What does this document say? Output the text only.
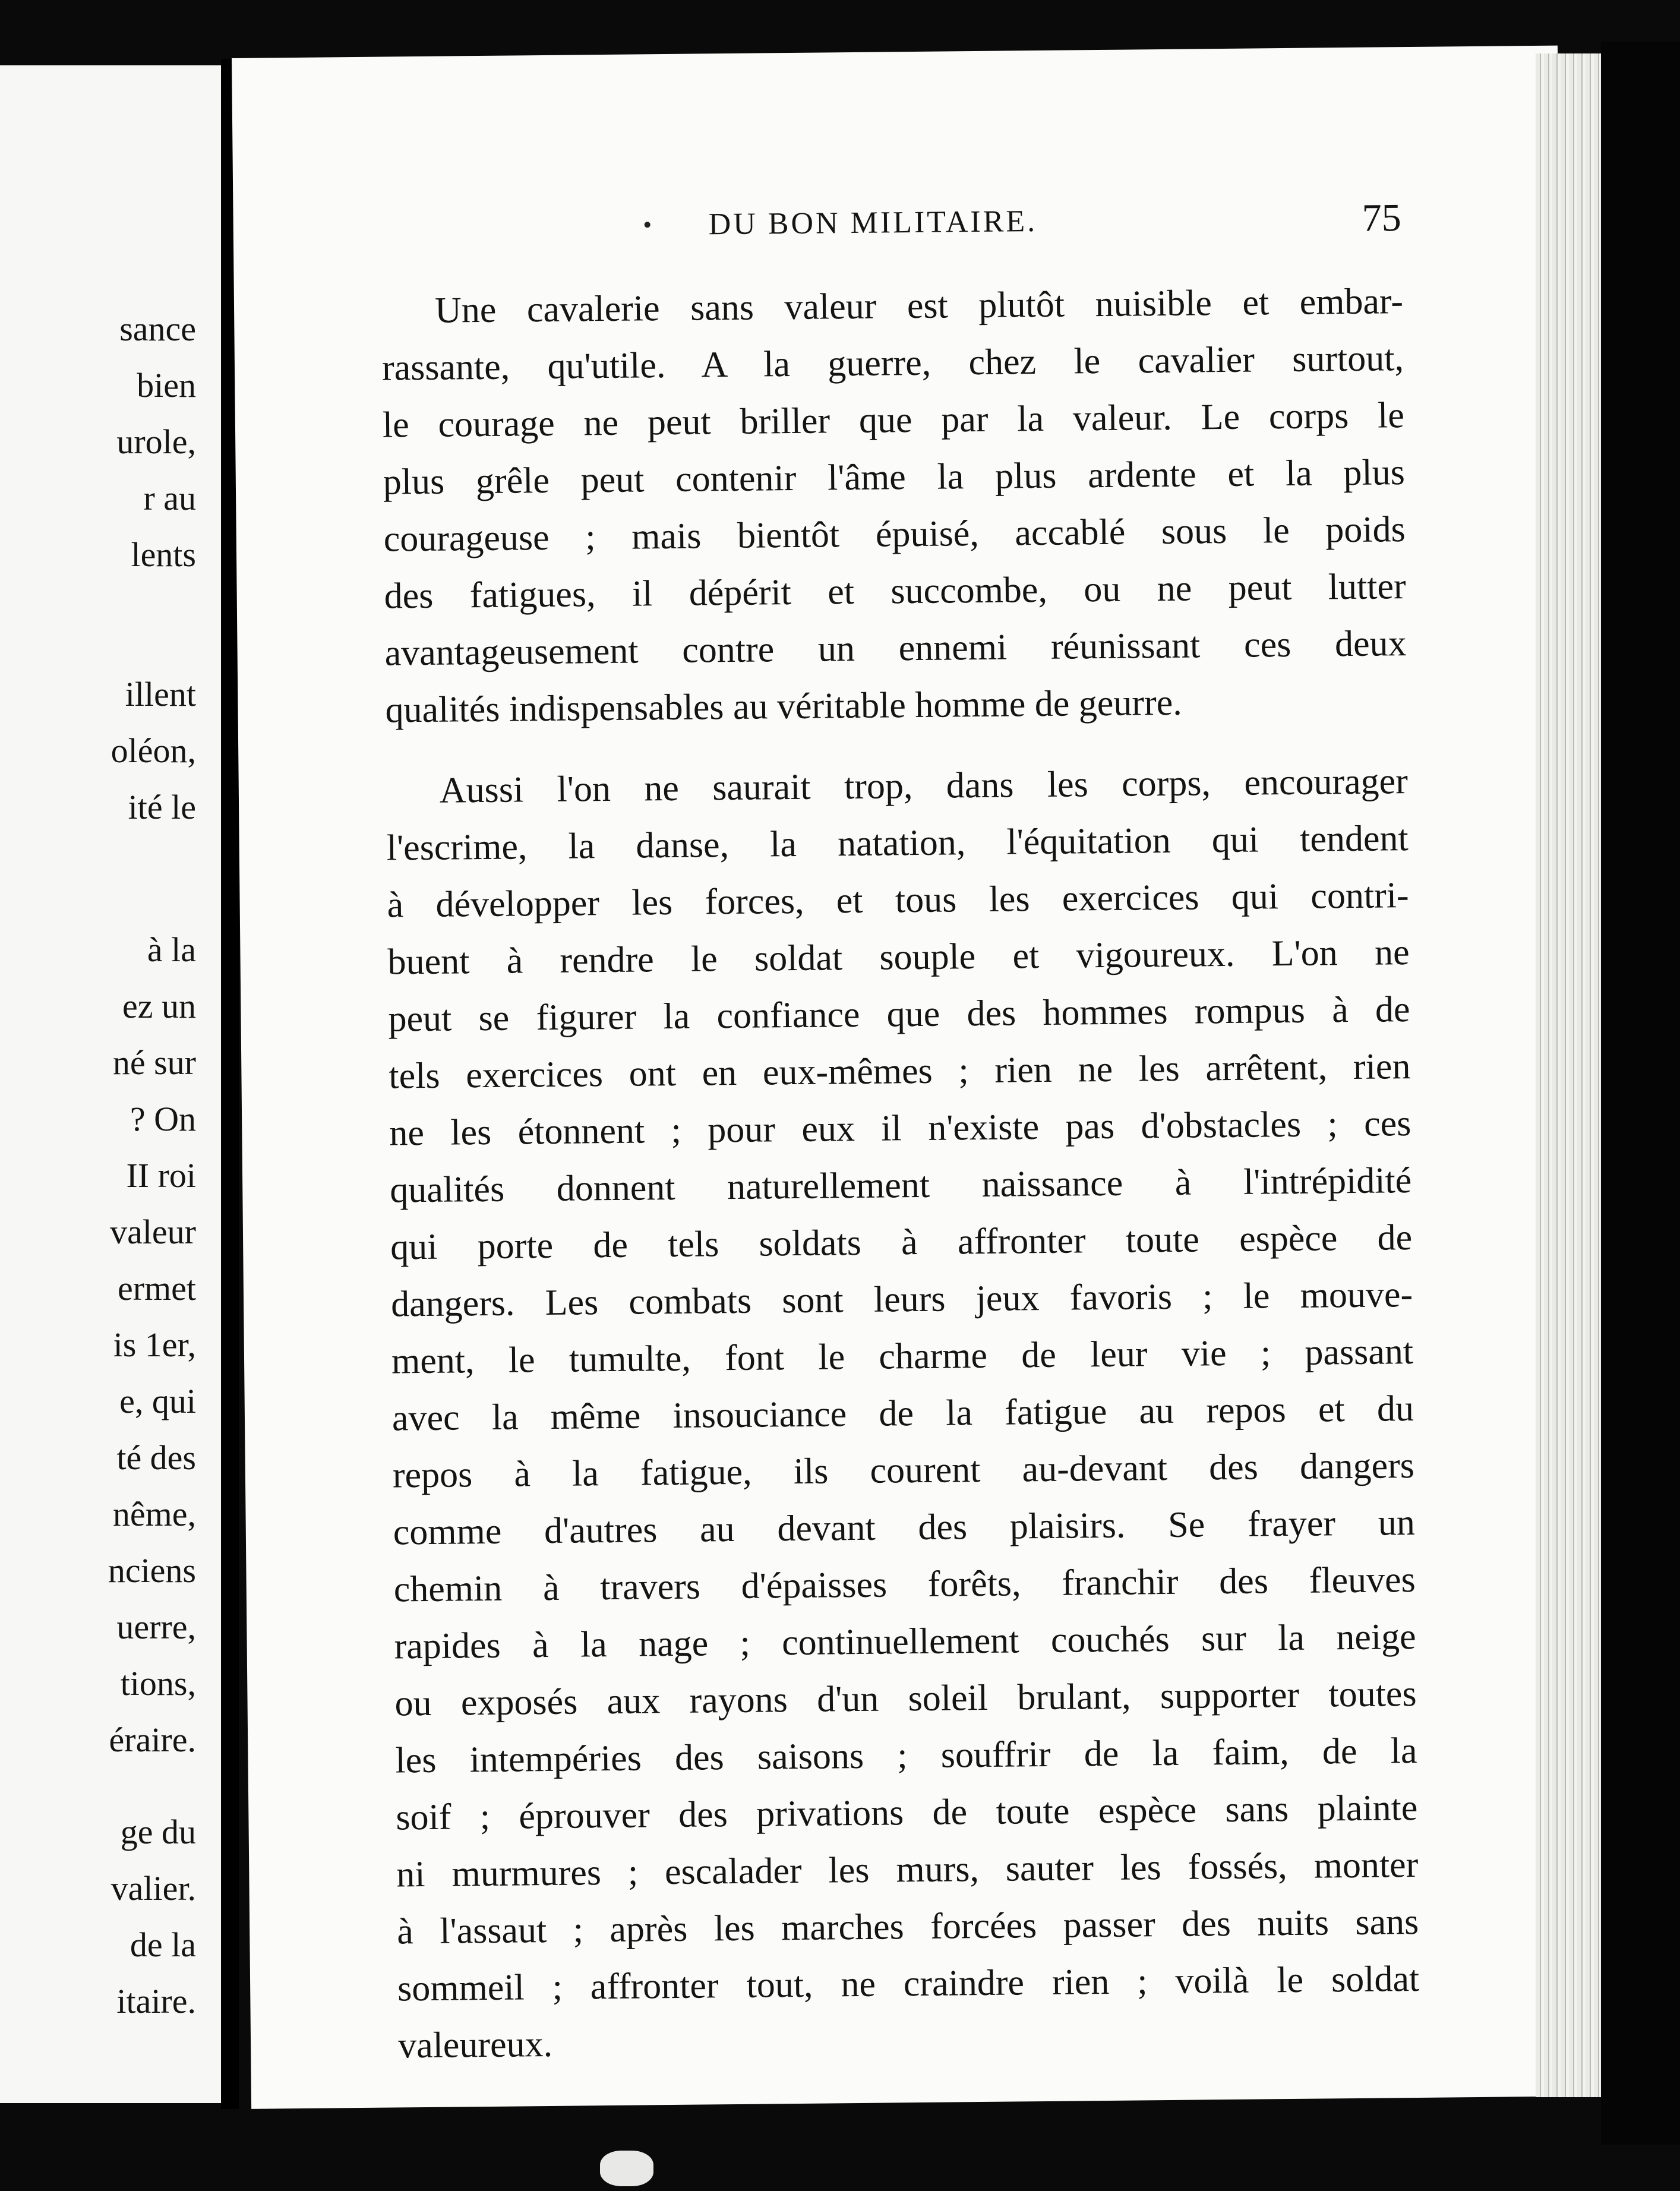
sance
bien
urole,
r au
lents
illent
oléon,
ité le
à la
ez un
né sur
? On
II roi
valeur
ermet
is 1er,
e, qui
té des
nême,
nciens
uerre,
tions,
éraire.
ge du
valier.
de la
itaire.
DU BON MILITAIRE.	75
Une cavalerie sans valeur est plutôt nuisible et embar-
rassante, qu'utile. A la guerre, chez le cavalier surtout,
le courage ne peut briller que par la valeur. Le corps le
plus grêle peut contenir l'âme la plus ardente et la plus
courageuse ; mais bientôt épuisé, accablé sous le poids
des fatigues, il dépérit et succombe, ou ne peut lutter
avantageusement contre un ennemi réunissant ces deux
qualités indispensables au véritable homme de geurre.
Aussi l'on ne saurait trop, dans les corps, encourager
l'escrime, la danse, la natation, l'équitation qui tendent
à développer les forces, et tous les exercices qui contri-
buent à rendre le soldat souple et vigoureux. L'on ne
peut se figurer la confiance que des hommes rompus à de
tels exercices ont en eux-mêmes ; rien ne les arrêtent, rien
ne les étonnent ; pour eux il n'existe pas d'obstacles ; ces
qualités donnent naturellement naissance à l'intrépidité
qui porte de tels soldats à affronter toute espèce de
dangers. Les combats sont leurs jeux favoris ; le mouve-
ment, le tumulte, font le charme de leur vie ; passant
avec la même insouciance de la fatigue au repos et du
repos à la fatigue, ils courent au-devant des dangers
comme d'autres au devant des plaisirs. Se frayer un
chemin à travers d'épaisses forêts, franchir des fleuves
rapides à la nage ; continuellement couchés sur la neige
ou exposés aux rayons d'un soleil brulant, supporter toutes
les intempéries des saisons ; souffrir de la faim, de la
soif ; éprouver des privations de toute espèce sans plainte
ni murmures ; escalader les murs, sauter les fossés, monter
à l'assaut ; après les marches forcées passer des nuits sans
sommeil ; affronter tout, ne craindre rien ; voilà le soldat
valeureux.
